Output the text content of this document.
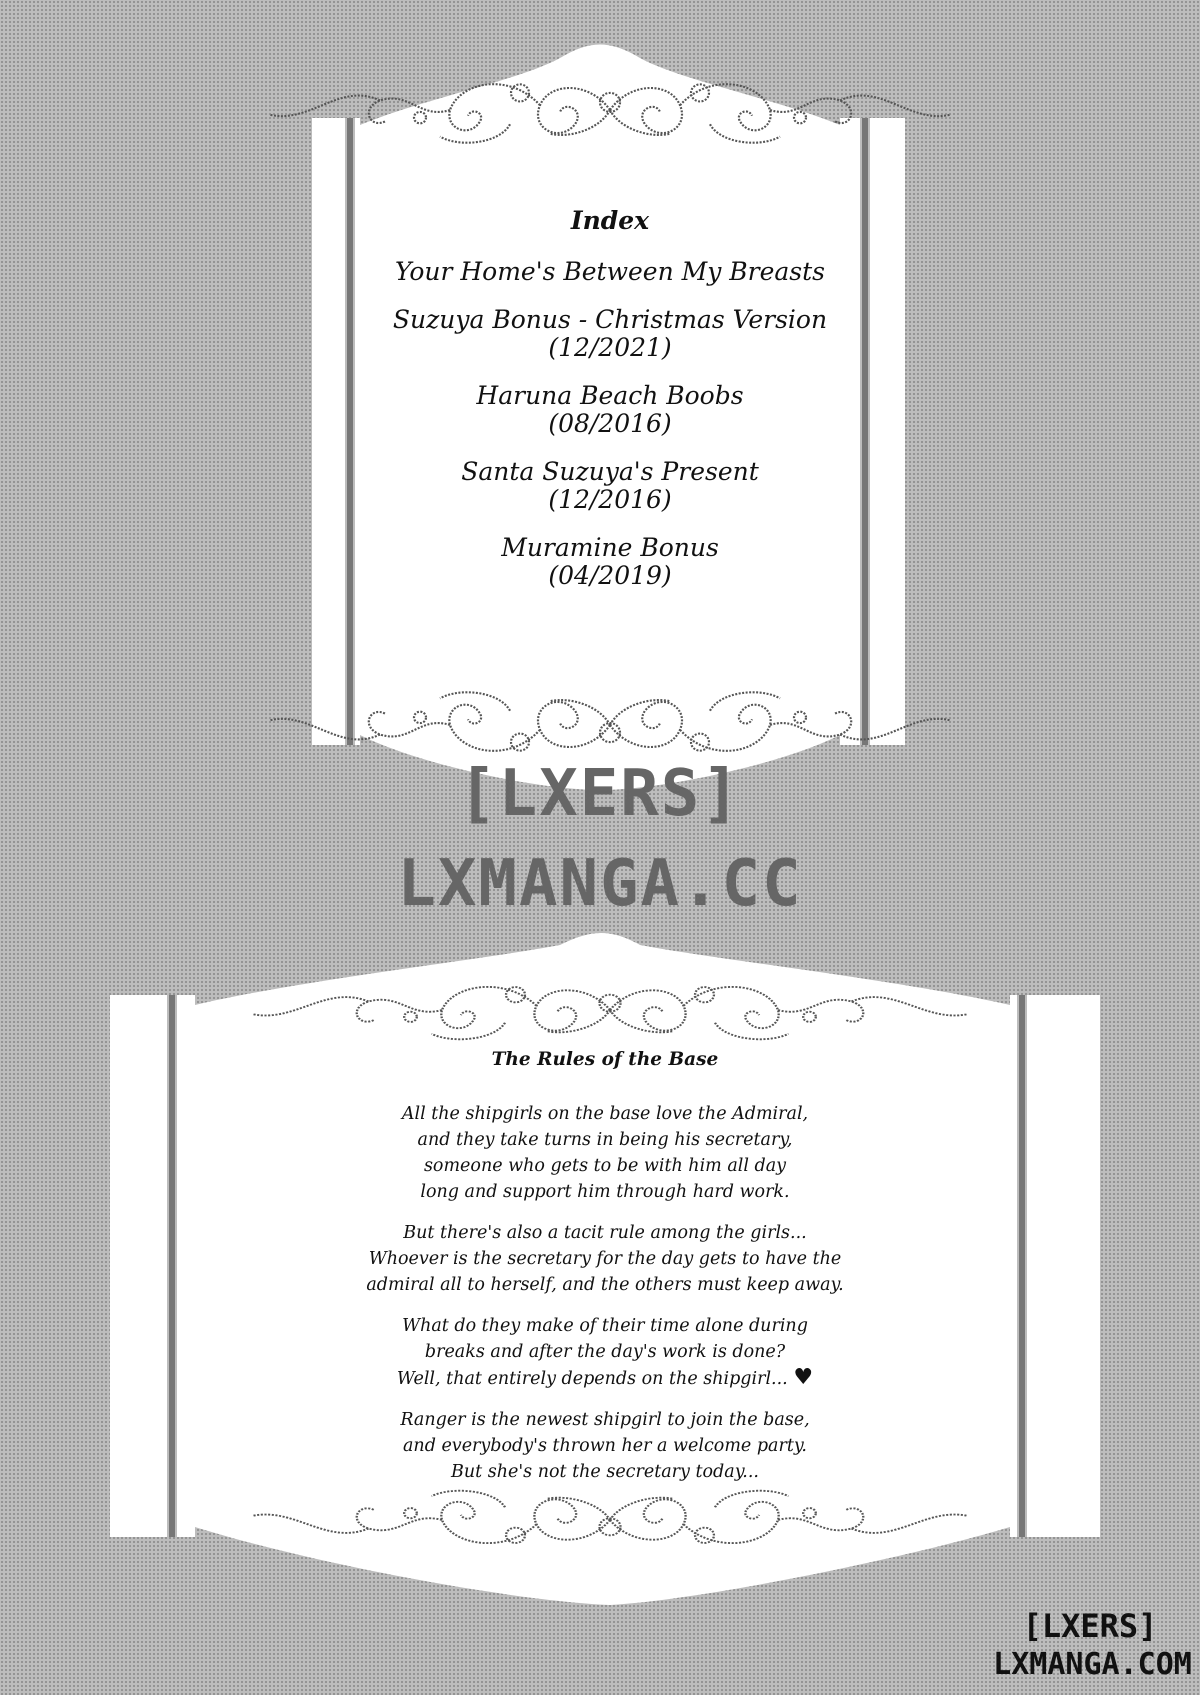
Index
Your Home's Between My Breasts
Suzuya Bonus - Christmas Version
(12/2021)
Haruna Beach Boobs
(08/2016)
Santa Suzuya's Present
(12/2016)
Muramine Bonus
(04/2019)
[LXERS]
LXMANGA.CC
The Rules of the Base
All the shipgirls on the base love the Admiral,
and they take turns in being his secretary,
someone who gets to be with him all day
long and support him through hard work.
But there's also a tacit rule among the girls...
Whoever is the secretary for the day gets to have the
admiral all to herself, and the others must keep away.
What do they make of their time alone during
breaks and after the day's work is done?
Well, that entirely depends on the shipgirl... ♥
Ranger is the newest shipgirl to join the base,
and everybody's thrown her a welcome party.
But she's not the secretary today...
[LXERS]
LXMANGA.COM
